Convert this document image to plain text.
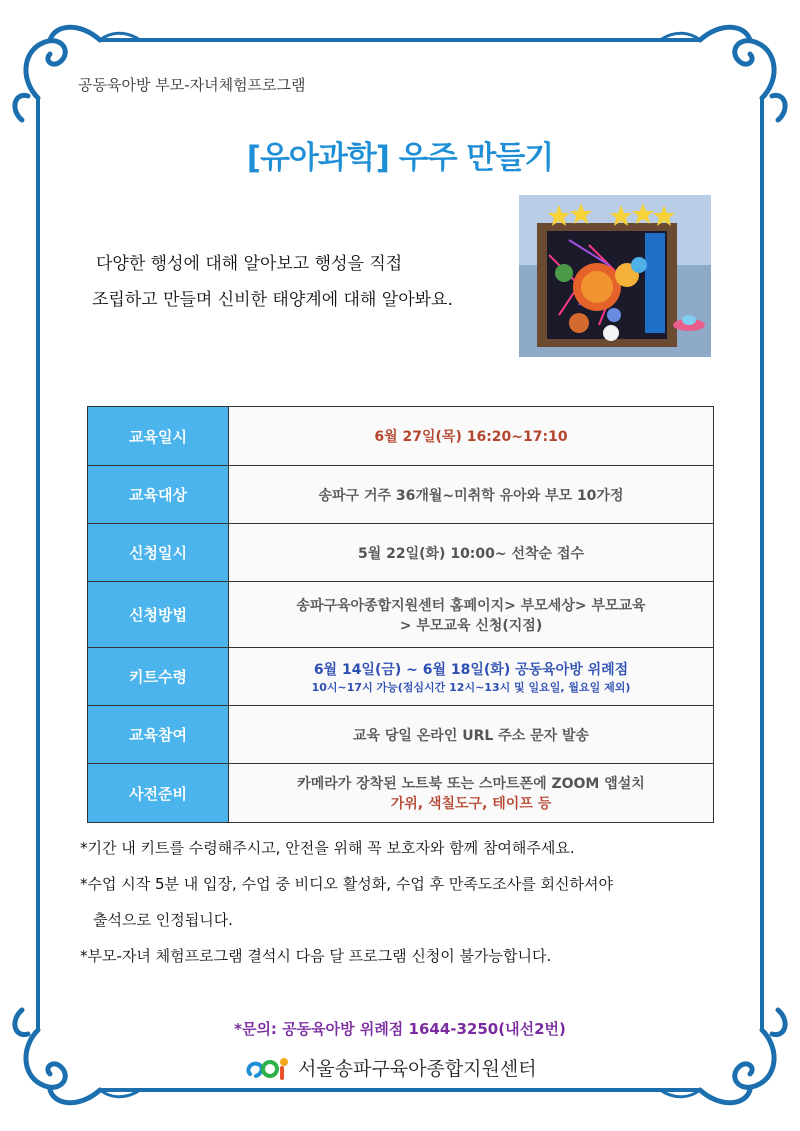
공동육아방 부모-자녀체험프로그램
[유아과학] 우주 만들기
다양한 행성에 대해 알아보고 행성을 직접
조립하고 만들며 신비한 태양계에 대해 알아봐요.
교육일시	6월 27일(목) 16:20~17:10
교육대상	송파구 거주 36개월~미취학 유아와 부모 10가정
신청일시	5월 22일(화) 10:00~ 선착순 접수
신청방법	송파구육아종합지원센터 홈페이지> 부모세상> 부모교육
> 부모교육 신청(지점)

키트수령	6월 14일(금) ~ 6월 18일(화) 공동육아방 위례점
10시~17시 가능(점심시간 12시~13시 및 일요일, 월요일 제외)

교육참여	교육 당일 온라인 URL 주소 문자 발송
사전준비	카메라가 장착된 노트북 또는 스마트폰에 ZOOM 앱설치
가위, 색칠도구, 테이프 등
*기간 내 키트를 수령해주시고, 안전을 위해 꼭 보호자와 함께 참여해주세요.
*수업 시작 5분 내 입장, 수업 중 비디오 활성화, 수업 후 만족도조사를 회신하셔야
출석으로 인정됩니다.
*부모-자녀 체험프로그램 결석시 다음 달 프로그램 신청이 불가능합니다.
*문의: 공동육아방 위례점 1644-3250(내선2번)
서울송파구육아종합지원센터
